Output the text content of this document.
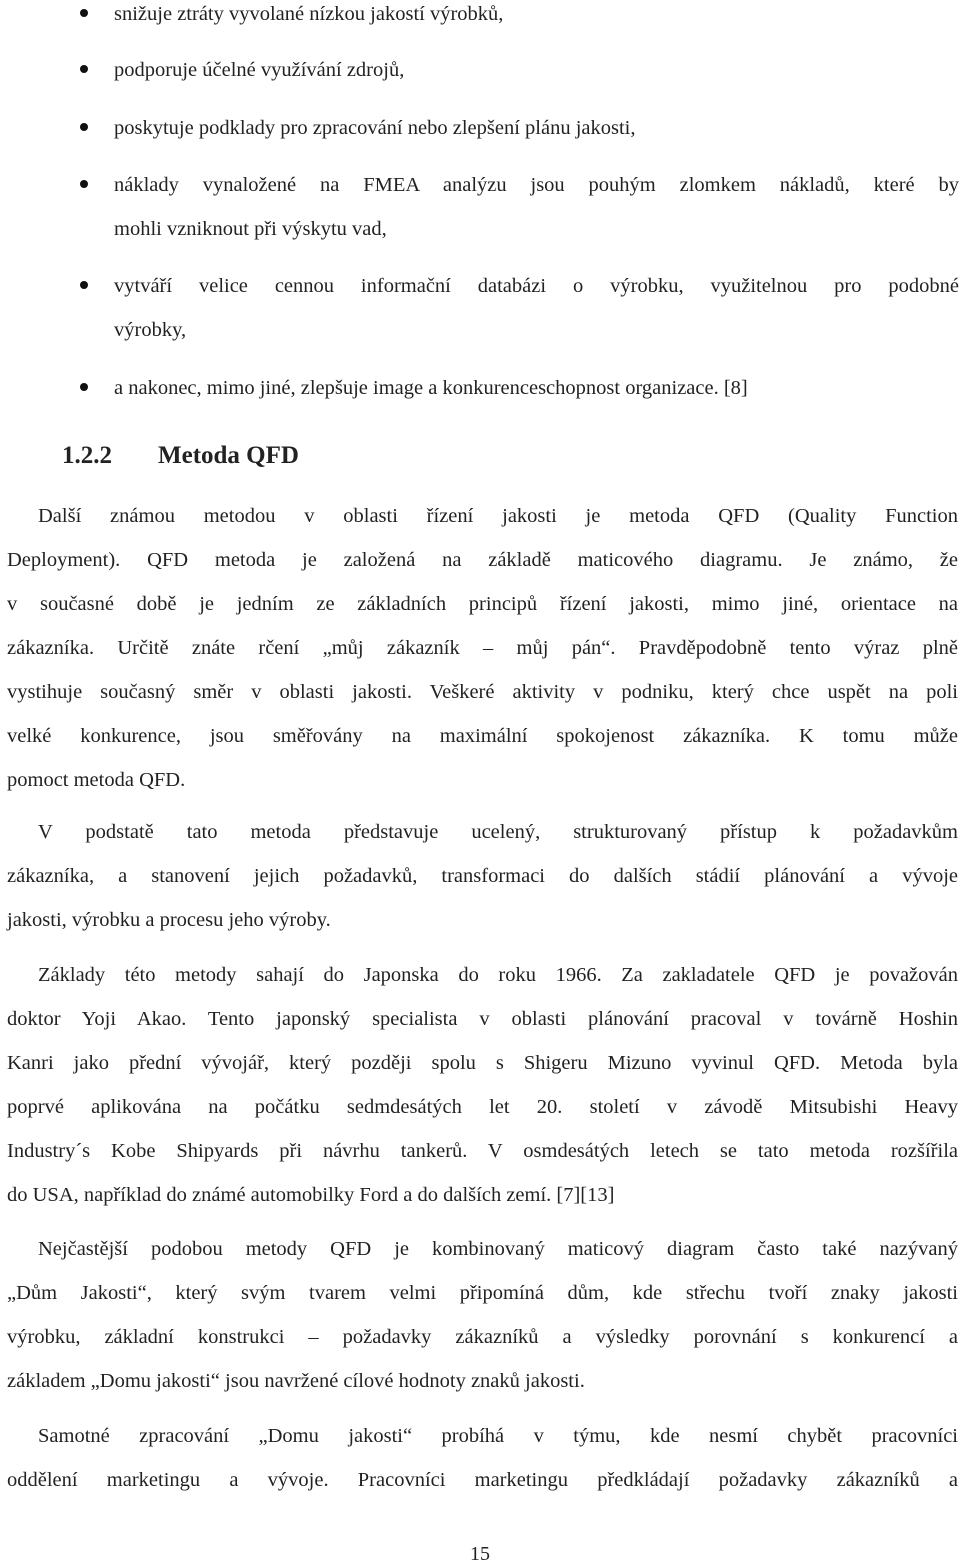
snižuje ztráty vyvolané nízkou jakostí výrobků,
podporuje účelné využívání zdrojů,
poskytuje podklady pro zpracování nebo zlepšení plánu jakosti,
náklady vynaložené na FMEA analýzu jsou pouhým zlomkem nákladů, které by
mohli vzniknout při výskytu vad,
vytváří velice cennou informační databázi o výrobku, využitelnou pro podobné
výrobky,
a nakonec, mimo jiné, zlepšuje image a konkurenceschopnost organizace. [8]
1.2.2 Metoda QFD
Další známou metodou v oblasti řízení jakosti je metoda QFD (Quality Function
Deployment). QFD metoda je založená na základě maticového diagramu. Je známo, že
v současné době je jedním ze základních principů řízení jakosti, mimo jiné, orientace na
zákazníka. Určitě znáte rčení „můj zákazník – můj pán“. Pravděpodobně tento výraz plně
vystihuje současný směr v oblasti jakosti. Veškeré aktivity v podniku, který chce uspět na poli
velké konkurence, jsou směřovány na maximální spokojenost zákazníka. K tomu může
pomoct metoda QFD.
V podstatě tato metoda představuje ucelený, strukturovaný přístup k požadavkům
zákazníka, a stanovení jejich požadavků, transformaci do dalších stádií plánování a vývoje
jakosti, výrobku a procesu jeho výroby.
Základy této metody sahají do Japonska do roku 1966. Za zakladatele QFD je považován
doktor Yoji Akao. Tento japonský specialista v oblasti plánování pracoval v továrně Hoshin
Kanri jako přední vývojář, který později spolu s Shigeru Mizuno vyvinul QFD. Metoda byla
poprvé aplikována na počátku sedmdesátých let 20. století v závodě Mitsubishi Heavy
Industry´s Kobe Shipyards při návrhu tankerů. V osmdesátých letech se tato metoda rozšířila
do USA, například do známé automobilky Ford a do dalších zemí. [7][13]
Nejčastější podobou metody QFD je kombinovaný maticový diagram často také nazývaný
„Dům Jakosti“, který svým tvarem velmi připomíná dům, kde střechu tvoří znaky jakosti
výrobku, základní konstrukci – požadavky zákazníků a výsledky porovnání s konkurencí a
základem „Domu jakosti“ jsou navržené cílové hodnoty znaků jakosti.
Samotné zpracování „Domu jakosti“ probíhá v týmu, kde nesmí chybět pracovníci
oddělení marketingu a vývoje. Pracovníci marketingu předkládají požadavky zákazníků a
15
